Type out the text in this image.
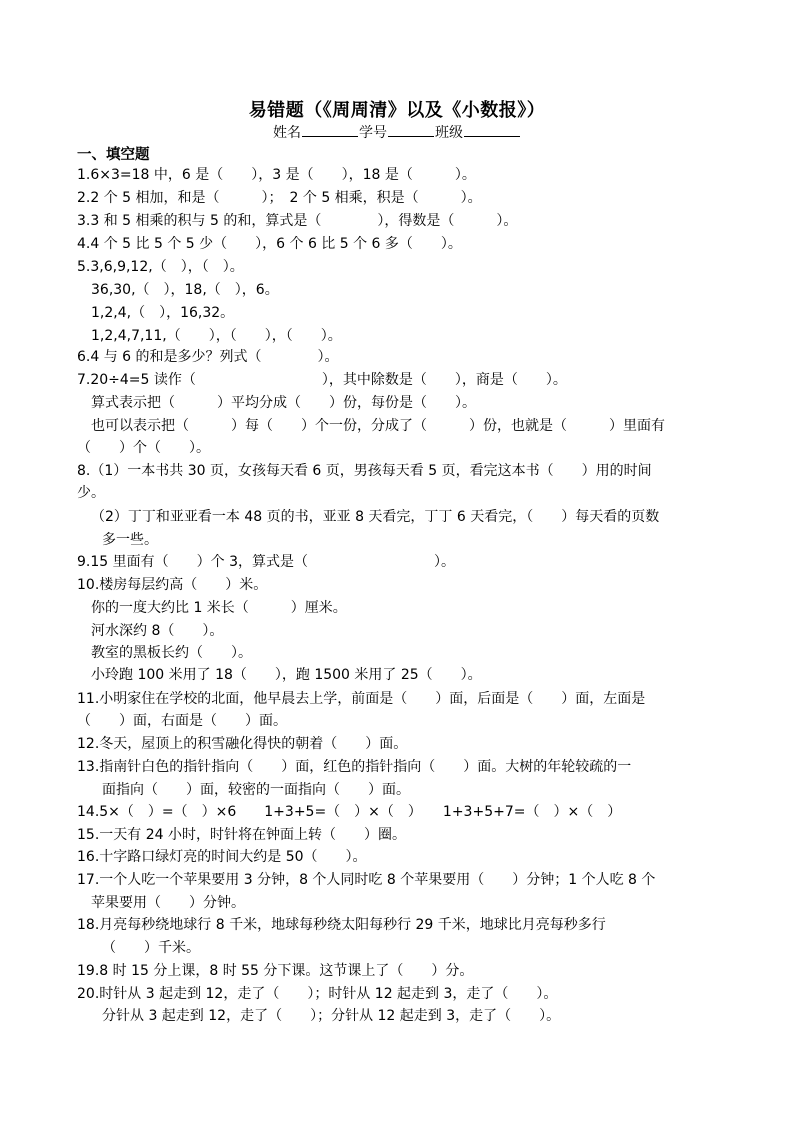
易错题（《周周清》以及《小数报》）
姓名	学号	班级
一、填空题
1.6×3=18 中，6 是（　　），3 是（　　），18 是（　　　）。
2.2 个 5 相加，和是（　　　）；　2 个 5 相乘，积是（　　　）。
3.3 和 5 相乘的积与 5 的和，算式是（　　　　），得数是（　　　）。
4.4 个 5 比 5 个 5 少（　　），6 个 6 比 5 个 6 多（　　）。
5.3,6,9,12,（　），（　）。
36,30,（　），18,（　），6。
1,2,4,（　），16,32。
1,2,4,7,11,（　　），（　　），（　　）。
6.4 与 6 的和是多少？列式（　　　　）。
7.20÷4=5 读作（　　　　　　　　　），其中除数是（　　），商是（　　）。
算式表示把（　　　）平均分成（　　）份，每份是（　　）。
也可以表示把（　　　）每（　　）个一份，分成了（　　　）份，也就是（　　　）里面有
（　　）个（　　）。
8.（1）一本书共 30 页，女孩每天看 6 页，男孩每天看 5 页，看完这本书（　　）用的时间
少。
（2）丁丁和亚亚看一本 48 页的书，亚亚 8 天看完，丁丁 6 天看完，（　　）每天看的页数
多一些。
9.15 里面有（　　）个 3，算式是（　　　　　　　　　）。
10.楼房每层约高（　　）米。
你的一度大约比 1 米长（　　　）厘米。
河水深约 8（　　）。
教室的黑板长约（　　）。
小玲跑 100 米用了 18（　　），跑 1500 米用了 25（　　）。
11.小明家住在学校的北面，他早晨去上学，前面是（　　）面，后面是（　　）面，左面是
（　　）面，右面是（　　）面。
12.冬天，屋顶上的积雪融化得快的朝着（　　）面。
13.指南针白色的指针指向（　　）面，红色的指针指向（　　）面。大树的年轮较疏的一
面指向（　　）面，较密的一面指向（　　）面。
14.5×（　）=（　）×6　　1+3+5=（　）×（　）　　1+3+5+7=（　）×（　）
15.一天有 24 小时，时针将在钟面上转（　　）圈。
16.十字路口绿灯亮的时间大约是 50（　　）。
17.一个人吃一个苹果要用 3 分钟，8 个人同时吃 8 个苹果要用（　　）分钟；1 个人吃 8 个
苹果要用（　　）分钟。
18.月亮每秒绕地球行 8 千米，地球每秒绕太阳每秒行 29 千米，地球比月亮每秒多行
（　　）千米。
19.8 时 15 分上课，8 时 55 分下课。这节课上了（　　）分。
20.时针从 3 起走到 12，走了（　　）；时针从 12 起走到 3，走了（　　）。
分针从 3 起走到 12，走了（　　）；分针从 12 起走到 3，走了（　　）。
